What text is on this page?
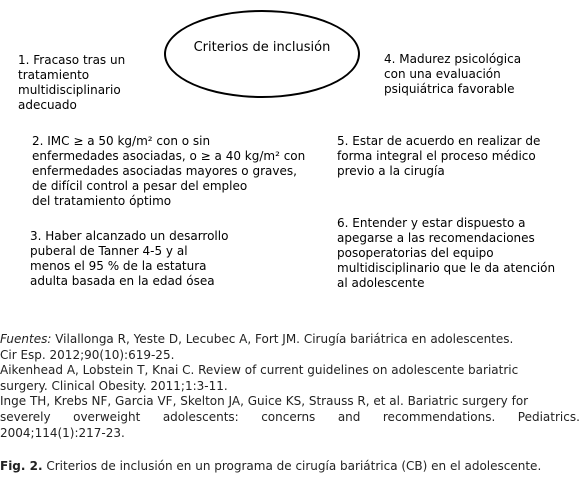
Criterios de inclusión
1. Fracaso tras un
tratamiento
multidisciplinario
adecuado
2. IMC ≥ a 50 kg/m² con o sin
enfermedades asociadas, o ≥ a 40 kg/m² con
enfermedades asociadas mayores o graves,
de difícil control a pesar del empleo
del tratamiento óptimo
3. Haber alcanzado un desarrollo
puberal de Tanner 4-5 y al
menos el 95 % de la estatura
adulta basada en la edad ósea
4. Madurez psicológica
con una evaluación
psiquiátrica favorable
5. Estar de acuerdo en realizar de
forma integral el proceso médico
previo a la cirugía
6. Entender y estar dispuesto a
apegarse a las recomendaciones
posoperatorias del equipo
multidisciplinario que le da atención
al adolescente
Fuentes: Vilallonga R, Yeste D, Lecubec A, Fort JM. Cirugía bariátrica en adolescentes.
Cir Esp. 2012;90(10):619-25.
Aikenhead A, Lobstein T, Knai C. Review of current guidelines on adolescente bariatric
surgery. Clinical Obesity. 2011;1:3-11.
Inge TH, Krebs NF, Garcia VF, Skelton JA, Guice KS, Strauss R, et al. Bariatric surgery for
severely overweight adolescents: concerns and recommendations. Pediatrics.
2004;114(1):217-23.
Fig. 2. Criterios de inclusión en un programa de cirugía bariátrica (CB) en el adolescente.
